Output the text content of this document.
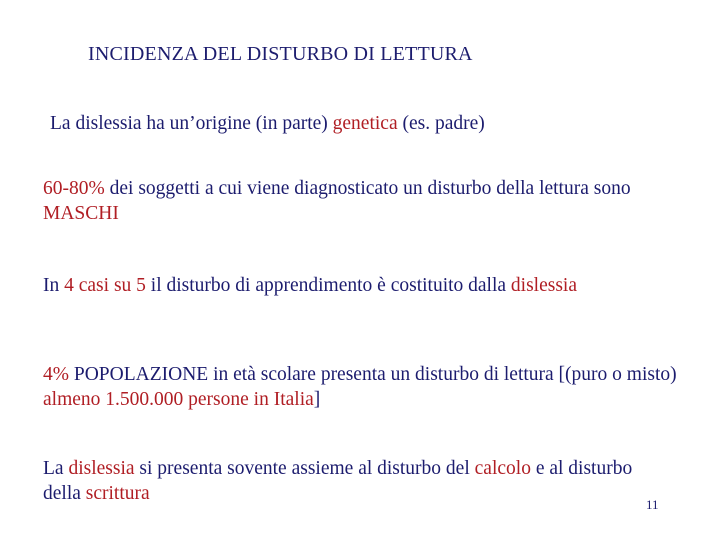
INCIDENZA DEL DISTURBO DI LETTURA
La dislessia ha un’origine (in parte) genetica (es. padre)
60-80% dei soggetti a cui viene diagnosticato un disturbo della lettura sono MASCHI
In 4 casi su 5 il disturbo di apprendimento è costituito dalla dislessia
4% POPOLAZIONE in età scolare presenta un disturbo di lettura [(puro o misto) almeno 1.500.000 persone in Italia]
La dislessia si presenta sovente assieme al disturbo del calcolo e al disturbo della scrittura
11
